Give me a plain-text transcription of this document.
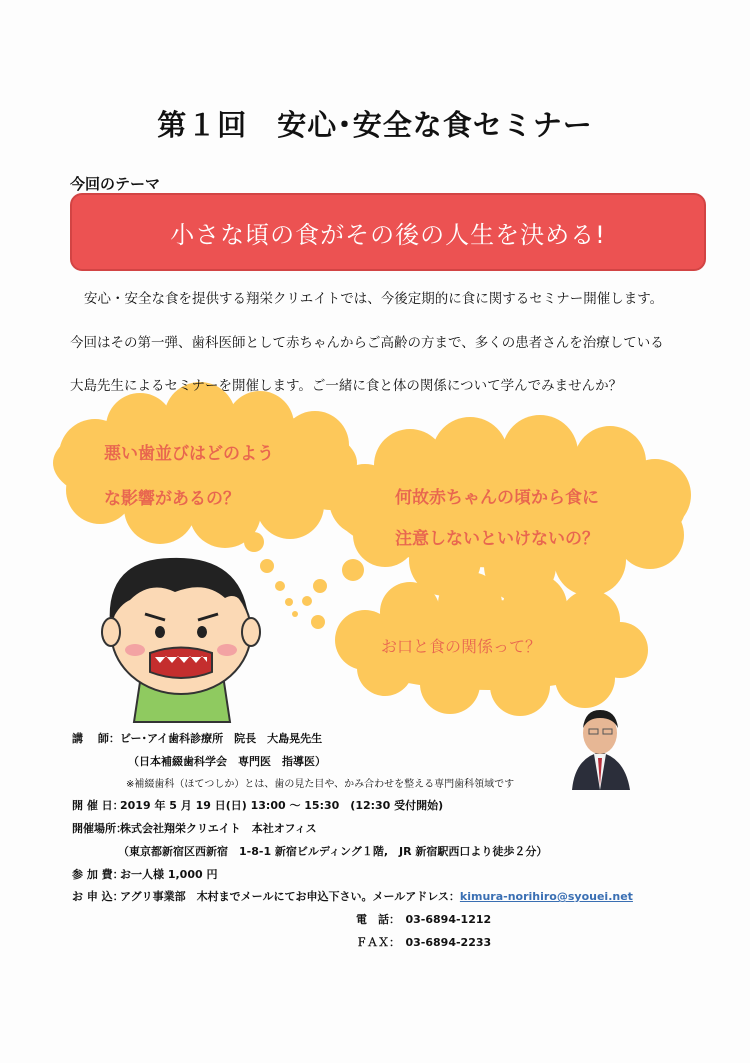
第１回　安心･安全な食セミナー
今回のテーマ
小さな頃の食がその後の人生を決める!
安心・安全な食を提供する翔栄クリエイトでは、今後定期的に食に関するセミナー開催します。
今回はその第一弾、歯科医師として赤ちゃんからご高齢の方まで、多くの患者さんを治療している
大島先生によるセミナーを開催します。ご一緒に食と体の関係について学んでみませんか？
悪い歯並びはどのよう
な影響があるの？	何故赤ちゃんの頃から食に
注意しないといけないの？
お口と食の関係って？
講　 師：ビー･アイ歯科診療所　院長　大島晃先生
（日本補綴歯科学会　専門医　指導医）
※補綴歯科（ほてつしか）とは、歯の見た目や、かみ合わせを整える専門歯科領域です
開 催 日：2019 年 5 月 19 日(日) 13:00 ～ 15:30　(12:30 受付開始)
開催場所：株式会社翔栄クリエイト　本社オフィス
（東京都新宿区西新宿　1-8-1 新宿ビルディング１階,　JR 新宿駅西口より徒歩２分）
参 加 費：お一人様 1,000 円
お 申 込：アグリ事業部　木村までメールにてお申込下さい。メールアドレス：kimura-norihiro@syouei.net
電　話：　03-6894-1212
ＦＡＸ：　03-6894-2233
